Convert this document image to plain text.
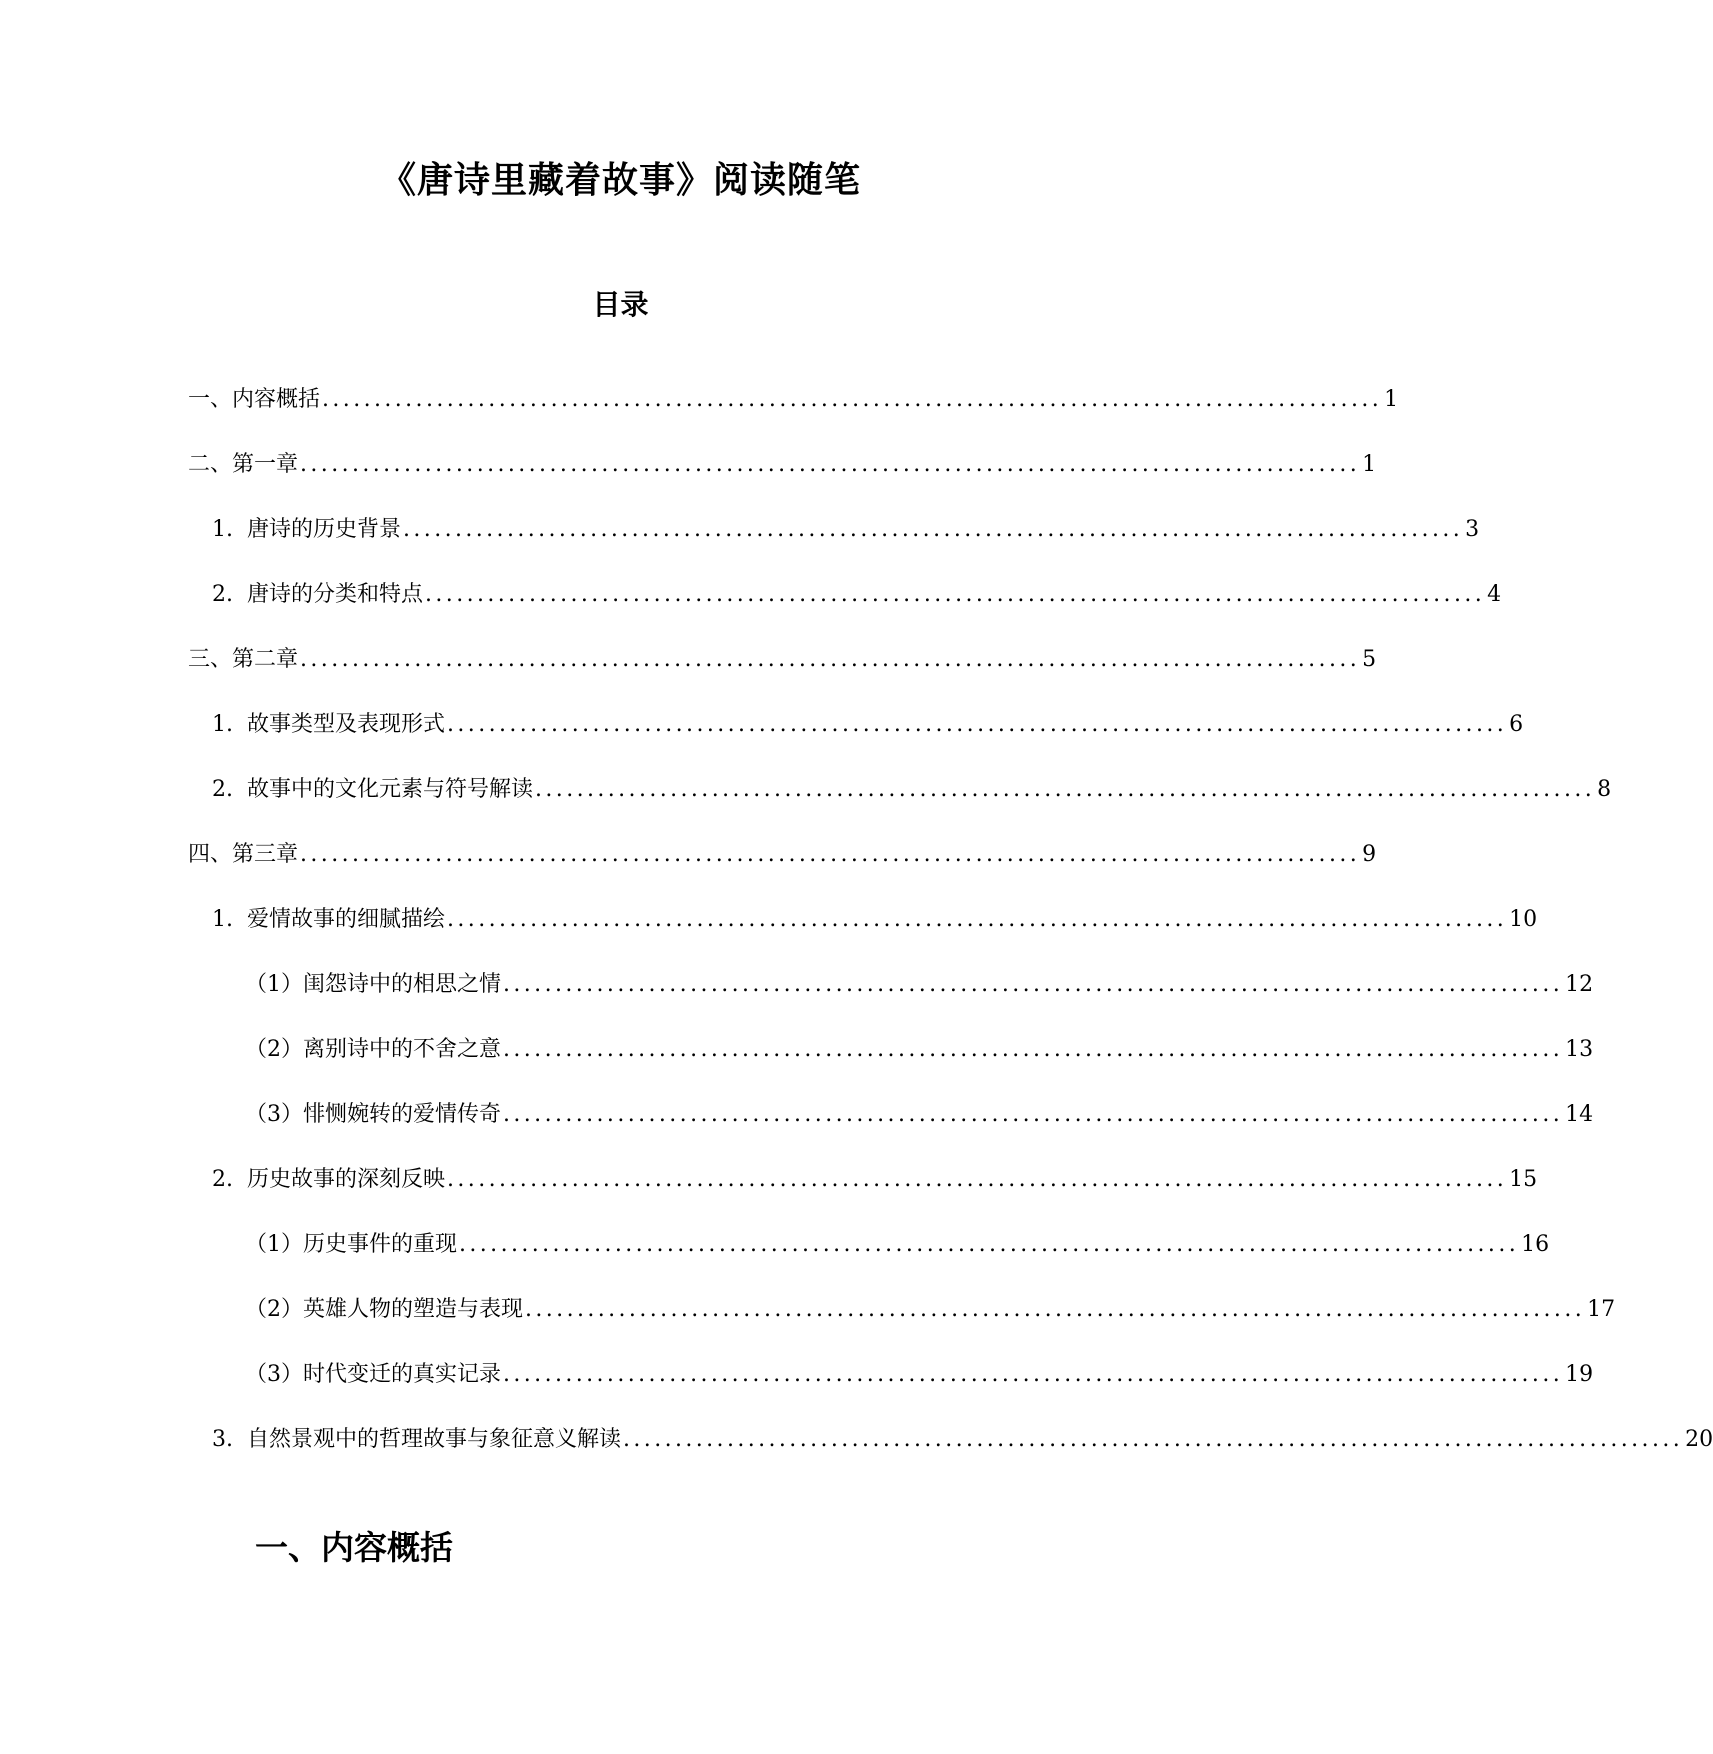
《唐诗里藏着故事》阅读随笔
目录
一、内容概括 ...................................................................................................... 1
二、第一章 ...................................................................................................... 1
1. 唐诗的历史背景 ...................................................................................................... 3
2. 唐诗的分类和特点 ...................................................................................................... 4
三、第二章 ...................................................................................................... 5
1. 故事类型及表现形式 ...................................................................................................... 6
2. 故事中的文化元素与符号解读 ...................................................................................................... 8
四、第三章 ...................................................................................................... 9
1. 爱情故事的细腻描绘 ...................................................................................................... 10
（1）闺怨诗中的相思之情 ...................................................................................................... 12
（2）离别诗中的不舍之意 ...................................................................................................... 13
（3）悱恻婉转的爱情传奇 ...................................................................................................... 14
2. 历史故事的深刻反映 ...................................................................................................... 15
（1）历史事件的重现 ...................................................................................................... 16
（2）英雄人物的塑造与表现 ...................................................................................................... 17
（3）时代变迁的真实记录 ...................................................................................................... 19
3. 自然景观中的哲理故事与象征意义解读 ...................................................................................................... 20
一、内容概括
